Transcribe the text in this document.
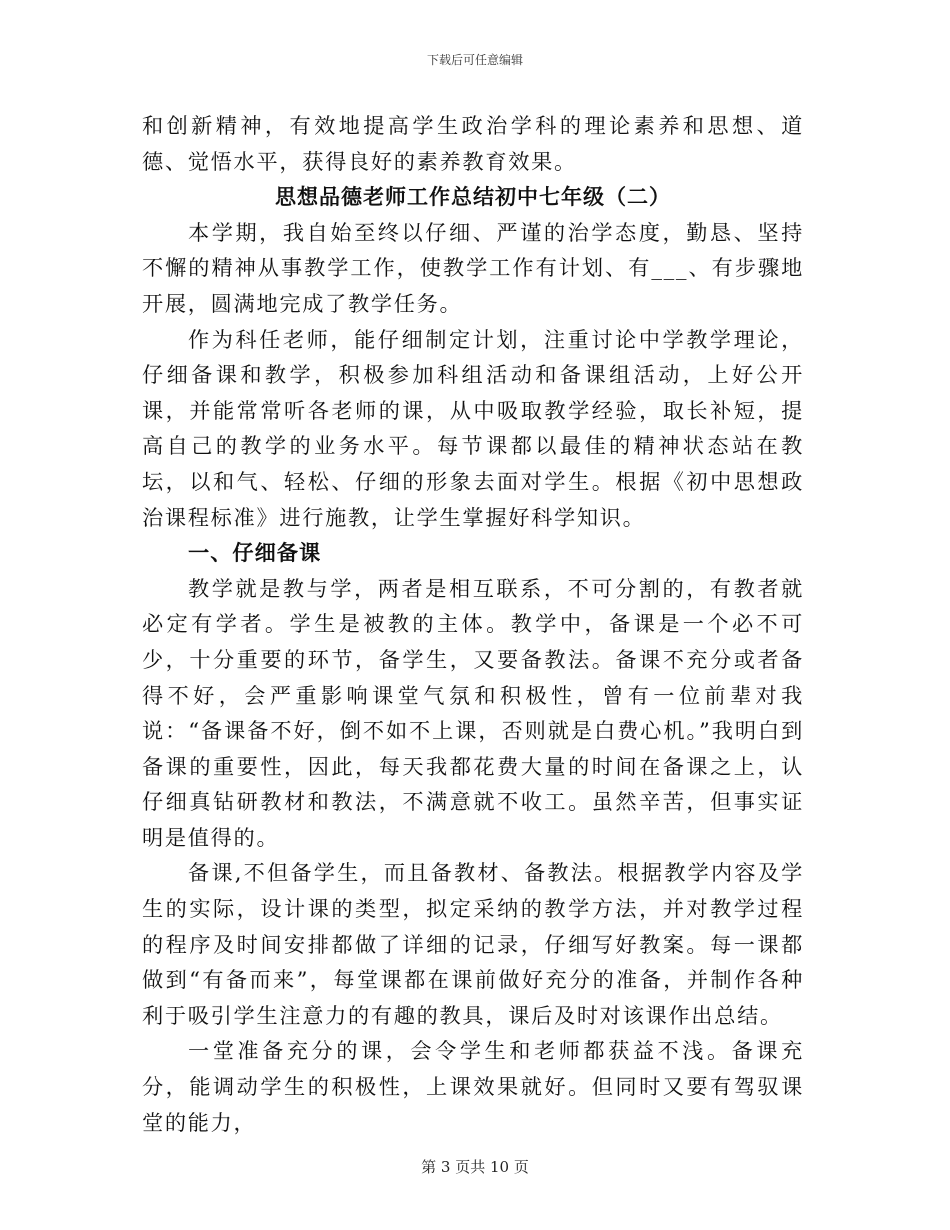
下载后可任意编辑

和创新精神，有效地提高学生政治学科的理论素养和思想、道德、觉悟水平，获得良好的素养教育效果。

思想品德老师工作总结初中七年级（二）

本学期，我自始至终以仔细、严谨的治学态度，勤恳、坚持不懈的精神从事教学工作，使教学工作有计划、有___、有步骤地开展，圆满地完成了教学任务。

作为科任老师，能仔细制定计划，注重讨论中学教学理论，仔细备课和教学，积极参加科组活动和备课组活动，上好公开课，并能常常听各老师的课，从中吸取教学经验，取长补短，提高自己的教学的业务水平。每节课都以最佳的精神状态站在教坛，以和气、轻松、仔细的形象去面对学生。根据《初中思想政治课程标准》进行施教，让学生掌握好科学知识。

一、仔细备课

教学就是教与学，两者是相互联系，不可分割的，有教者就必定有学者。学生是被教的主体。教学中，备课是一个必不可少，十分重要的环节，备学生，又要备教法。备课不充分或者备得不好，会严重影响课堂气氛和积极性，曾有一位前辈对我说：“备课备不好，倒不如不上课，否则就是白费心机。”我明白到备课的重要性，因此，每天我都花费大量的时间在备课之上，认仔细真钻研教材和教法，不满意就不收工。虽然辛苦，但事实证明是值得的。

备课,不但备学生，而且备教材、备教法。根据教学内容及学生的实际，设计课的类型，拟定采纳的教学方法，并对教学过程的程序及时间安排都做了详细的记录，仔细写好教案。每一课都做到“有备而来”，每堂课都在课前做好充分的准备，并制作各种利于吸引学生注意力的有趣的教具，课后及时对该课作出总结。

一堂准备充分的课，会令学生和老师都获益不浅。备课充分，能调动学生的积极性，上课效果就好。但同时又要有驾驭课堂的能力，

第 3 页共 10 页
